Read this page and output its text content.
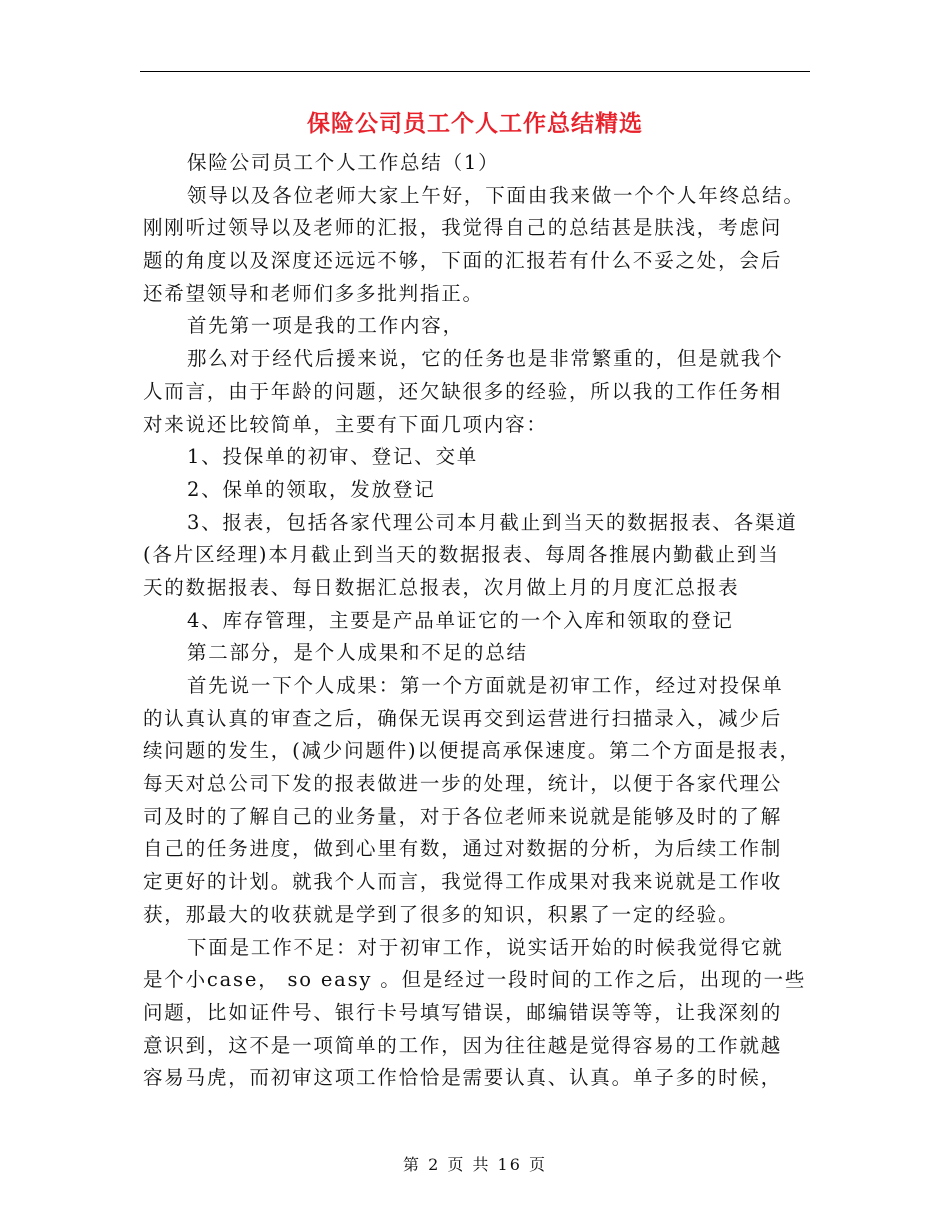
保险公司员工个人工作总结精选
保险公司员工个人工作总结（1）
领导以及各位老师大家上午好，下面由我来做一个个人年终总结。
刚刚听过领导以及老师的汇报，我觉得自己的总结甚是肤浅，考虑问
题的角度以及深度还远远不够，下面的汇报若有什么不妥之处，会后
还希望领导和老师们多多批判指正。
首先第一项是我的工作内容，
那么对于经代后援来说，它的任务也是非常繁重的，但是就我个
人而言，由于年龄的问题，还欠缺很多的经验，所以我的工作任务相
对来说还比较简单，主要有下面几项内容：
1、投保单的初审、登记、交单
2、保单的领取，发放登记
3、报表，包括各家代理公司本月截止到当天的数据报表、各渠道
(各片区经理)本月截止到当天的数据报表、每周各推展内勤截止到当
天的数据报表、每日数据汇总报表，次月做上月的月度汇总报表
4、库存管理，主要是产品单证它的一个入库和领取的登记
第二部分，是个人成果和不足的总结
首先说一下个人成果：第一个方面就是初审工作，经过对投保单
的认真认真的审查之后，确保无误再交到运营进行扫描录入，减少后
续问题的发生，(减少问题件)以便提高承保速度。第二个方面是报表，
每天对总公司下发的报表做进一步的处理，统计，以便于各家代理公
司及时的了解自己的业务量，对于各位老师来说就是能够及时的了解
自己的任务进度，做到心里有数，通过对数据的分析，为后续工作制
定更好的计划。就我个人而言，我觉得工作成果对我来说就是工作收
获，那最大的收获就是学到了很多的知识，积累了一定的经验。
下面是工作不足：对于初审工作，说实话开始的时候我觉得它就
是个小case， so easy 。但是经过一段时间的工作之后，出现的一些
问题，比如证件号、银行卡号填写错误，邮编错误等等，让我深刻的
意识到，这不是一项简单的工作，因为往往越是觉得容易的工作就越
容易马虎，而初审这项工作恰恰是需要认真、认真。单子多的时候，
第 2 页 共 16 页
